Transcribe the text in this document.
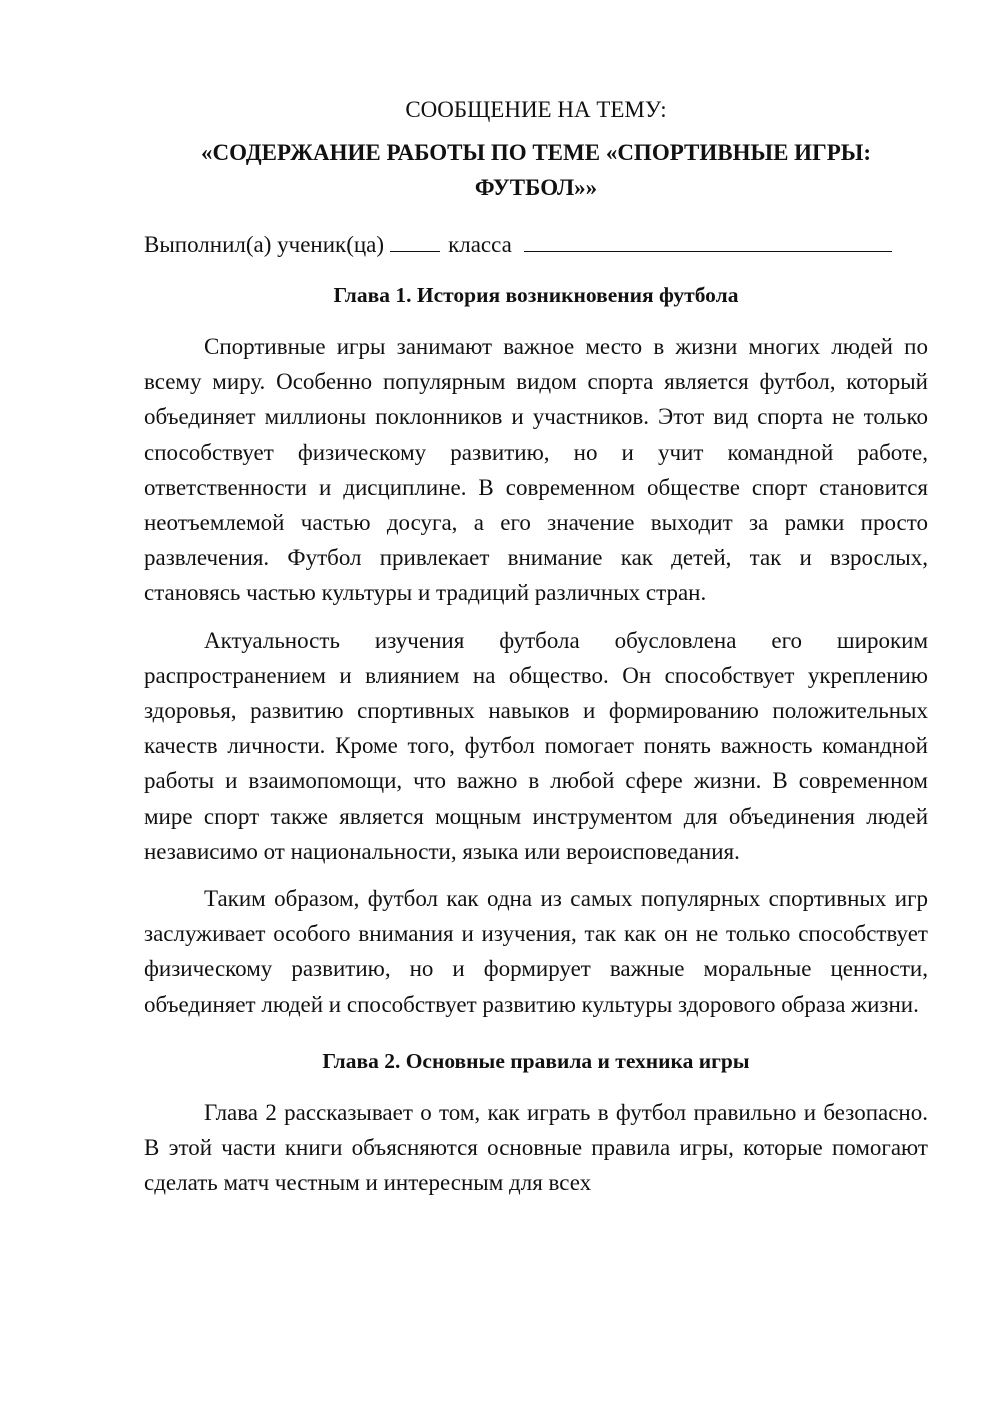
СООБЩЕНИЕ НА ТЕМУ:
«СОДЕРЖАНИЕ РАБОТЫ ПО ТЕМЕ «СПОРТИВНЫЕ ИГРЫ: ФУТБОЛ»»
Выполнил(а) ученик(ца)	класса
Глава 1. История возникновения футбола

Спортивные игры занимают важное место в жизни многих людей по всему миру. Особенно популярным видом спорта является футбол, который объединяет миллионы поклонников и участников. Этот вид спорта не только способствует физическому развитию, но и учит командной работе, ответственности и дисциплине. В современном обществе спорт становится неотъемлемой частью досуга, а его значение выходит за рамки просто развлечения. Футбол привлекает внимание как детей, так и взрослых, становясь частью культуры и традиций различных стран.

Актуальность изучения футбола обусловлена его широким распространением и влиянием на общество. Он способствует укреплению здоровья, развитию спортивных навыков и формированию положительных качеств личности. Кроме того, футбол помогает понять важность командной работы и взаимопомощи, что важно в любой сфере жизни. В современном мире спорт также является мощным инструментом для объединения людей независимо от национальности, языка или вероисповедания.

Таким образом, футбол как одна из самых популярных спортивных игр заслуживает особого внимания и изучения, так как он не только способствует физическому развитию, но и формирует важные моральные ценности, объединяет людей и способствует развитию культуры здорового образа жизни.

Глава 2. Основные правила и техника игры

Глава 2 рассказывает о том, как играть в футбол правильно и безопасно. В этой части книги объясняются основные правила игры, которые помогают сделать матч честным и интересным для всех
